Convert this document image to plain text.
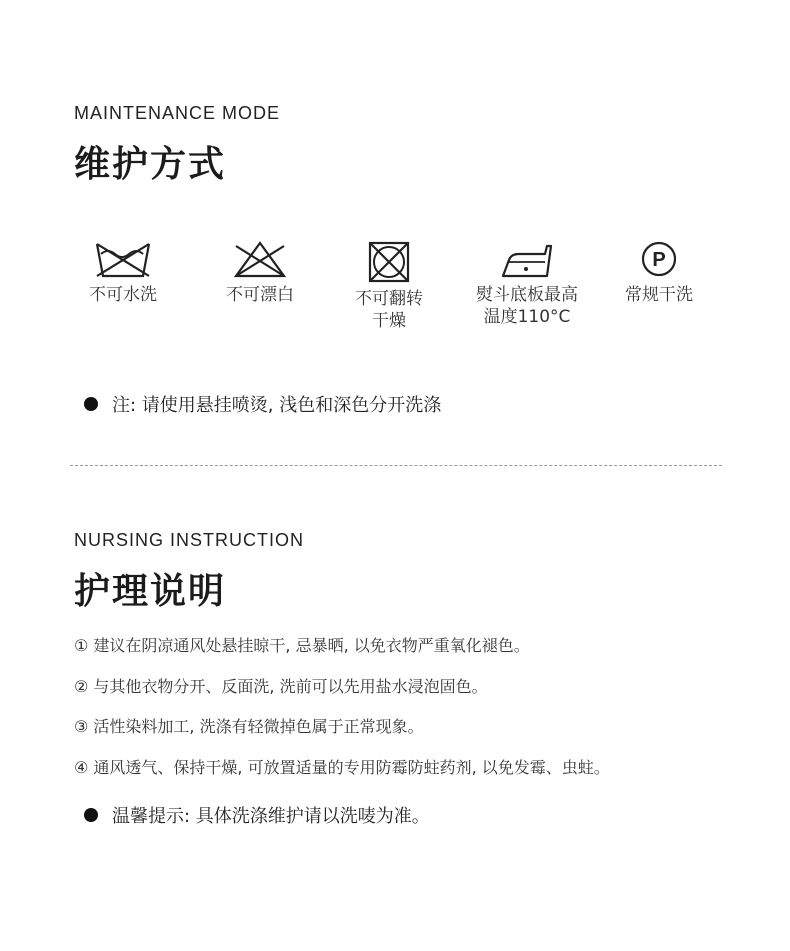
MAINTENANCE MODE
维护方式
不可水洗	不可漂白	不可翻转
干燥
熨斗底板最高
温度110°C
P
常规干洗
注: 请使用悬挂喷烫, 浅色和深色分开洗涤
NURSING INSTRUCTION
护理说明
① 建议在阴凉通风处悬挂晾干, 忌暴晒, 以免衣物严重氧化褪色。
② 与其他衣物分开、反面洗, 洗前可以先用盐水浸泡固色。
③ 活性染料加工, 洗涤有轻微掉色属于正常现象。
④ 通风透气、保持干燥, 可放置适量的专用防霉防蛀药剂, 以免发霉、虫蛀。
温馨提示: 具体洗涤维护请以洗唛为准。
